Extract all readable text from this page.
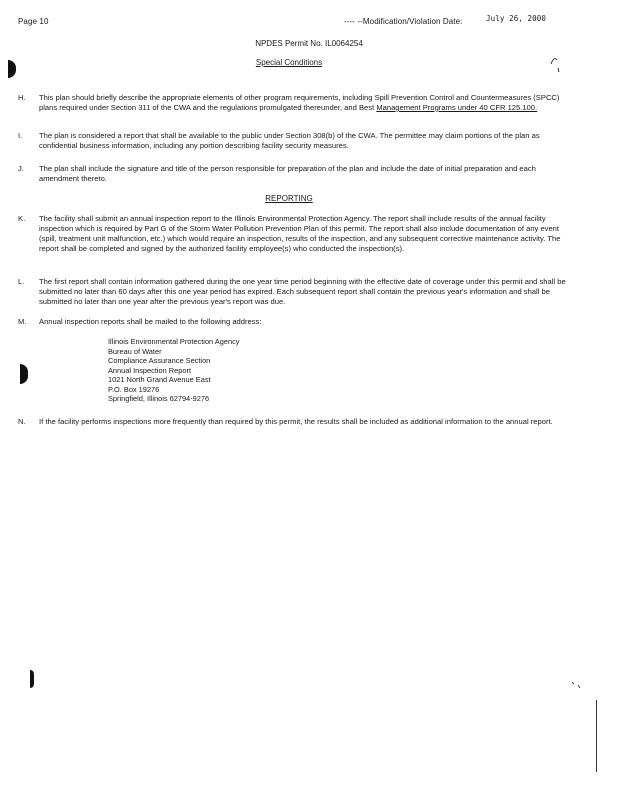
Page 10	---- --Modification/Violation Date:	July 26, 2000
NPDES Permit No. IL0064254
Special Conditions
H.	This plan should briefly describe the appropriate elements of other program requirements, including Spill Prevention Control and Countermeasures (SPCC) plans required under Section 311 of the CWA and the regulations promulgated thereunder, and Best Management Programs under 40 CFR 125.100.
I.	The plan is considered a report that shall be available to the public under Section 308(b) of the CWA. The permittee may claim portions of the plan as confidential business information, including any portion describing facility security measures.
J.	The plan shall include the signature and title of the person responsible for preparation of the plan and include the date of initial preparation and each amendment thereto.
REPORTING
K.	The facility shall submit an annual inspection report to the Illinois Environmental Protection Agency. The report shall include results of the annual facility inspection which is required by Part G of the Storm Water Pollution Prevention Plan of this permit. The report shall also include documentation of any event (spill, treatment unit malfunction, etc.) which would require an inspection, results of the inspection, and any subsequent corrective maintenance activity. The report shall be completed and signed by the authorized facility employee(s) who conducted the inspection(s).
L.	The first report shall contain information gathered during the one year time period beginning with the effective date of coverage under this permit and shall be submitted no later than 60 days after this one year period has expired. Each subsequent report shall contain the previous year's information and shall be submitted no later than one year after the previous year's report was due.
M.	Annual inspection reports shall be mailed to the following address:
Illinois Environmental Protection Agency
Bureau of Water
Compliance Assurance Section
Annual Inspection Report
1021 North Grand Avenue East
P.O. Box 19276
Springfield, Illinois 62794-9276
N.	If the facility performs inspections more frequently than required by this permit, the results shall be included as additional information to the annual report.
